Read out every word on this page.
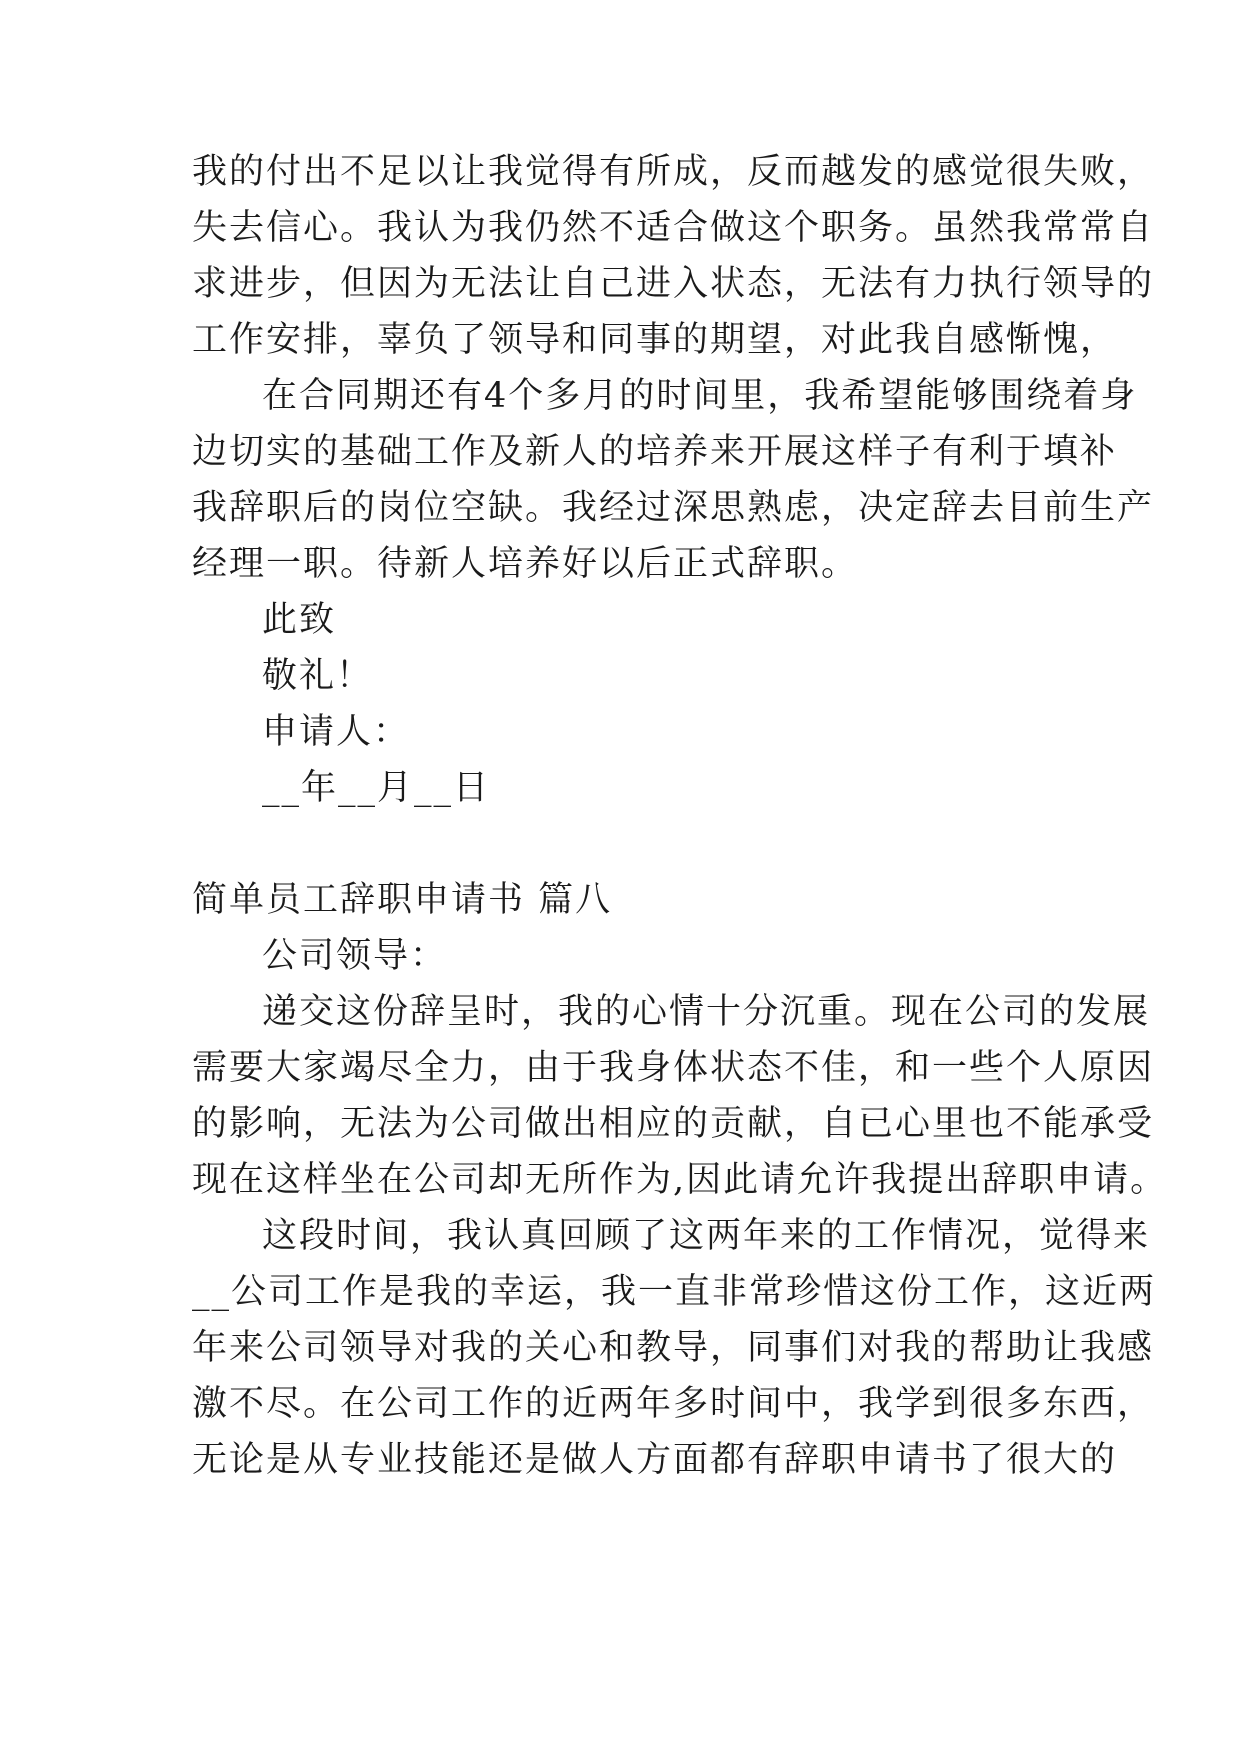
我的付出不足以让我觉得有所成，反而越发的感觉很失败，
失去信心。我认为我仍然不适合做这个职务。虽然我常常自
求进步，但因为无法让自己进入状态，无法有力执行领导的
工作安排，辜负了领导和同事的期望，对此我自感惭愧，
在合同期还有4个多月的时间里，我希望能够围绕着身
边切实的基础工作及新人的培养来开展这样子有利于填补
我辞职后的岗位空缺。我经过深思熟虑，决定辞去目前生产
经理一职。待新人培养好以后正式辞职。
此致
敬礼！
申请人：
__年__月__日
简单员工辞职申请书 篇八
公司领导：
递交这份辞呈时，我的心情十分沉重。现在公司的发展
需要大家竭尽全力，由于我身体状态不佳，和一些个人原因
的影响，无法为公司做出相应的贡献，自已心里也不能承受
现在这样坐在公司却无所作为,因此请允许我提出辞职申请。
这段时间，我认真回顾了这两年来的工作情况，觉得来
__公司工作是我的幸运，我一直非常珍惜这份工作，这近两
年来公司领导对我的关心和教导，同事们对我的帮助让我感
激不尽。在公司工作的近两年多时间中，我学到很多东西，
无论是从专业技能还是做人方面都有辞职申请书了很大的
